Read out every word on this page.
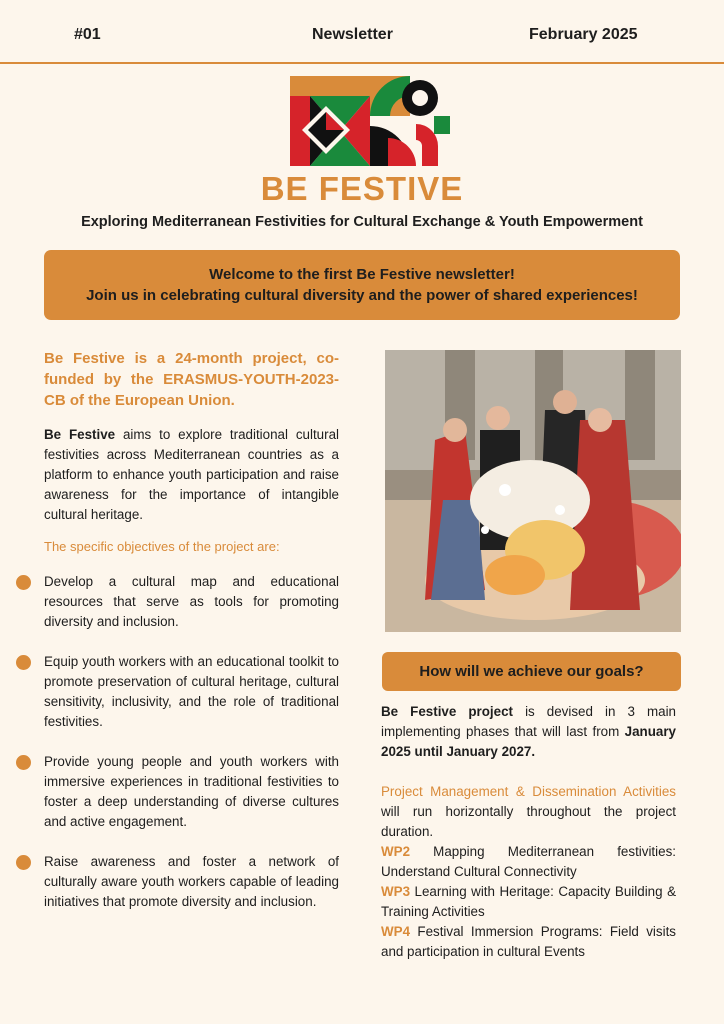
#01	Newsletter	February 2025
BE FESTIVE
Exploring Mediterranean Festivities for Cultural Exchange & Youth Empowerment
Welcome to the first Be Festive newsletter!
Join us in celebrating cultural diversity and the power of shared experiences!
Be Festive is a 24-month project, co-funded by the ERASMUS-YOUTH-2023-CB of the European Union.
Be Festive aims to explore traditional cultural festivities across Mediterranean countries as a platform to enhance youth participation and raise awareness for the importance of intangible cultural heritage.
The specific objectives of the project are:
Develop a cultural map and educational resources that serve as tools for promoting diversity and inclusion.
Equip youth workers with an educational toolkit to promote preservation of cultural heritage, cultural sensitivity, inclusivity, and the role of traditional festivities.
Provide young people and youth workers with immersive experiences in traditional festivities to foster a deep understanding of diverse cultures and active engagement.
Raise awareness and foster a network of culturally aware youth workers capable of leading initiatives that promote diversity and inclusion.
How will we achieve our goals?
Be Festive project is devised in 3 main implementing phases that will last from January 2025 until January 2027.
Project Management & Dissemination Activities will run horizontally throughout the project duration.
WP2 Mapping Mediterranean festivities: Understand Cultural Connectivity
WP3 Learning with Heritage: Capacity Building & Training Activities
WP4 Festival Immersion Programs: Field visits and participation in cultural Events
